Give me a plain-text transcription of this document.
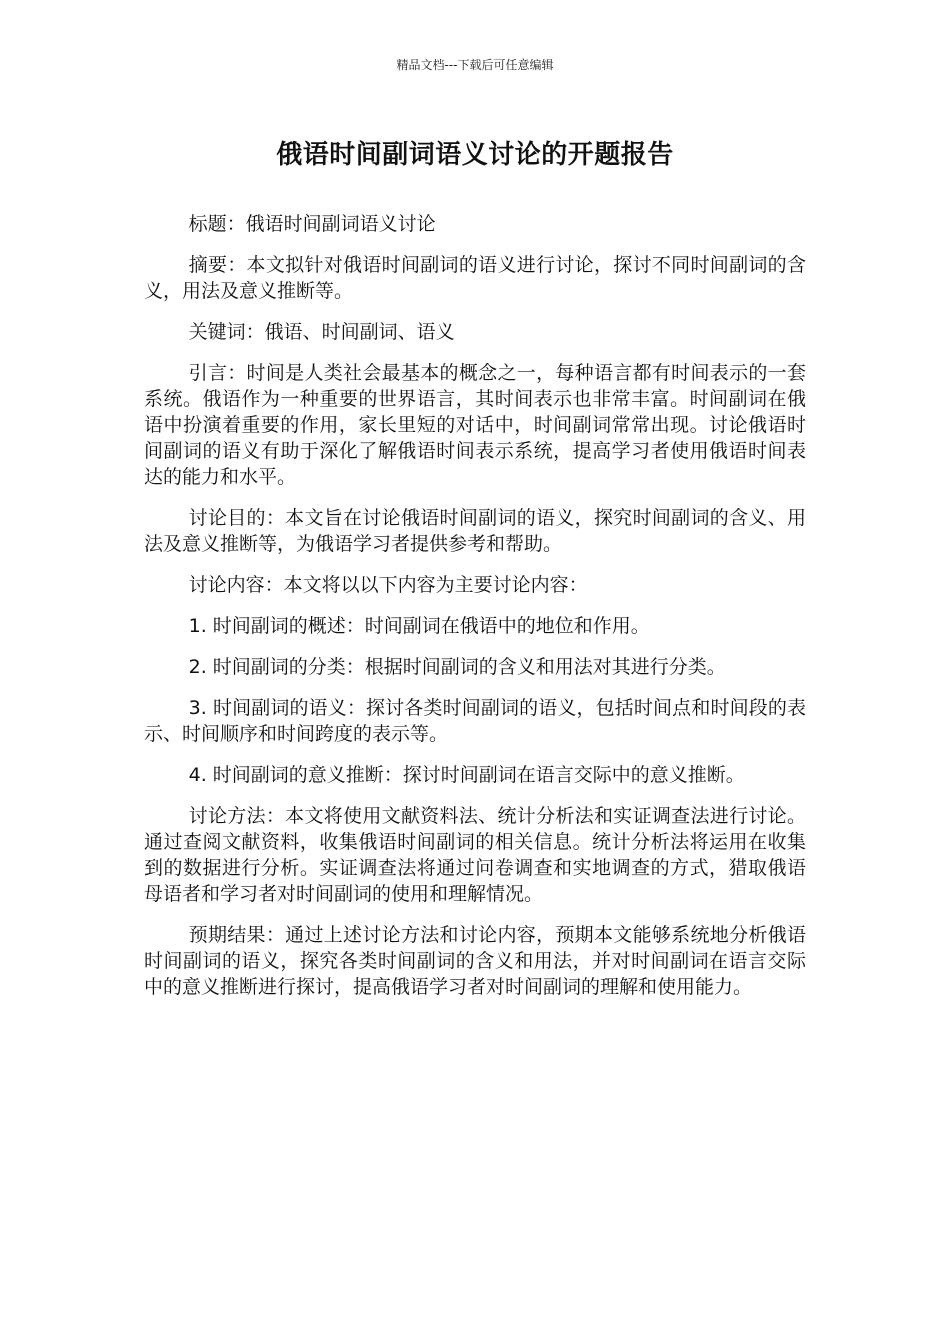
精品文档---下载后可任意编辑
俄语时间副词语义讨论的开题报告

标题：俄语时间副词语义讨论

摘要：本文拟针对俄语时间副词的语义进行讨论，探讨不同时间副词的含义，用法及意义推断等。

关键词：俄语、时间副词、语义

引言：时间是人类社会最基本的概念之一，每种语言都有时间表示的一套系统。俄语作为一种重要的世界语言，其时间表示也非常丰富。时间副词在俄语中扮演着重要的作用，家长里短的对话中，时间副词常常出现。讨论俄语时间副词的语义有助于深化了解俄语时间表示系统，提高学习者使用俄语时间表达的能力和水平。

讨论目的：本文旨在讨论俄语时间副词的语义，探究时间副词的含义、用法及意义推断等，为俄语学习者提供参考和帮助。

讨论内容：本文将以以下内容为主要讨论内容：

1. 时间副词的概述：时间副词在俄语中的地位和作用。

2. 时间副词的分类：根据时间副词的含义和用法对其进行分类。

3. 时间副词的语义：探讨各类时间副词的语义，包括时间点和时间段的表示、时间顺序和时间跨度的表示等。

4. 时间副词的意义推断：探讨时间副词在语言交际中的意义推断。

讨论方法：本文将使用文献资料法、统计分析法和实证调查法进行讨论。通过查阅文献资料，收集俄语时间副词的相关信息。统计分析法将运用在收集到的数据进行分析。实证调查法将通过问卷调查和实地调查的方式，猎取俄语母语者和学习者对时间副词的使用和理解情况。

预期结果：通过上述讨论方法和讨论内容，预期本文能够系统地分析俄语时间副词的语义，探究各类时间副词的含义和用法，并对时间副词在语言交际中的意义推断进行探讨，提高俄语学习者对时间副词的理解和使用能力。
